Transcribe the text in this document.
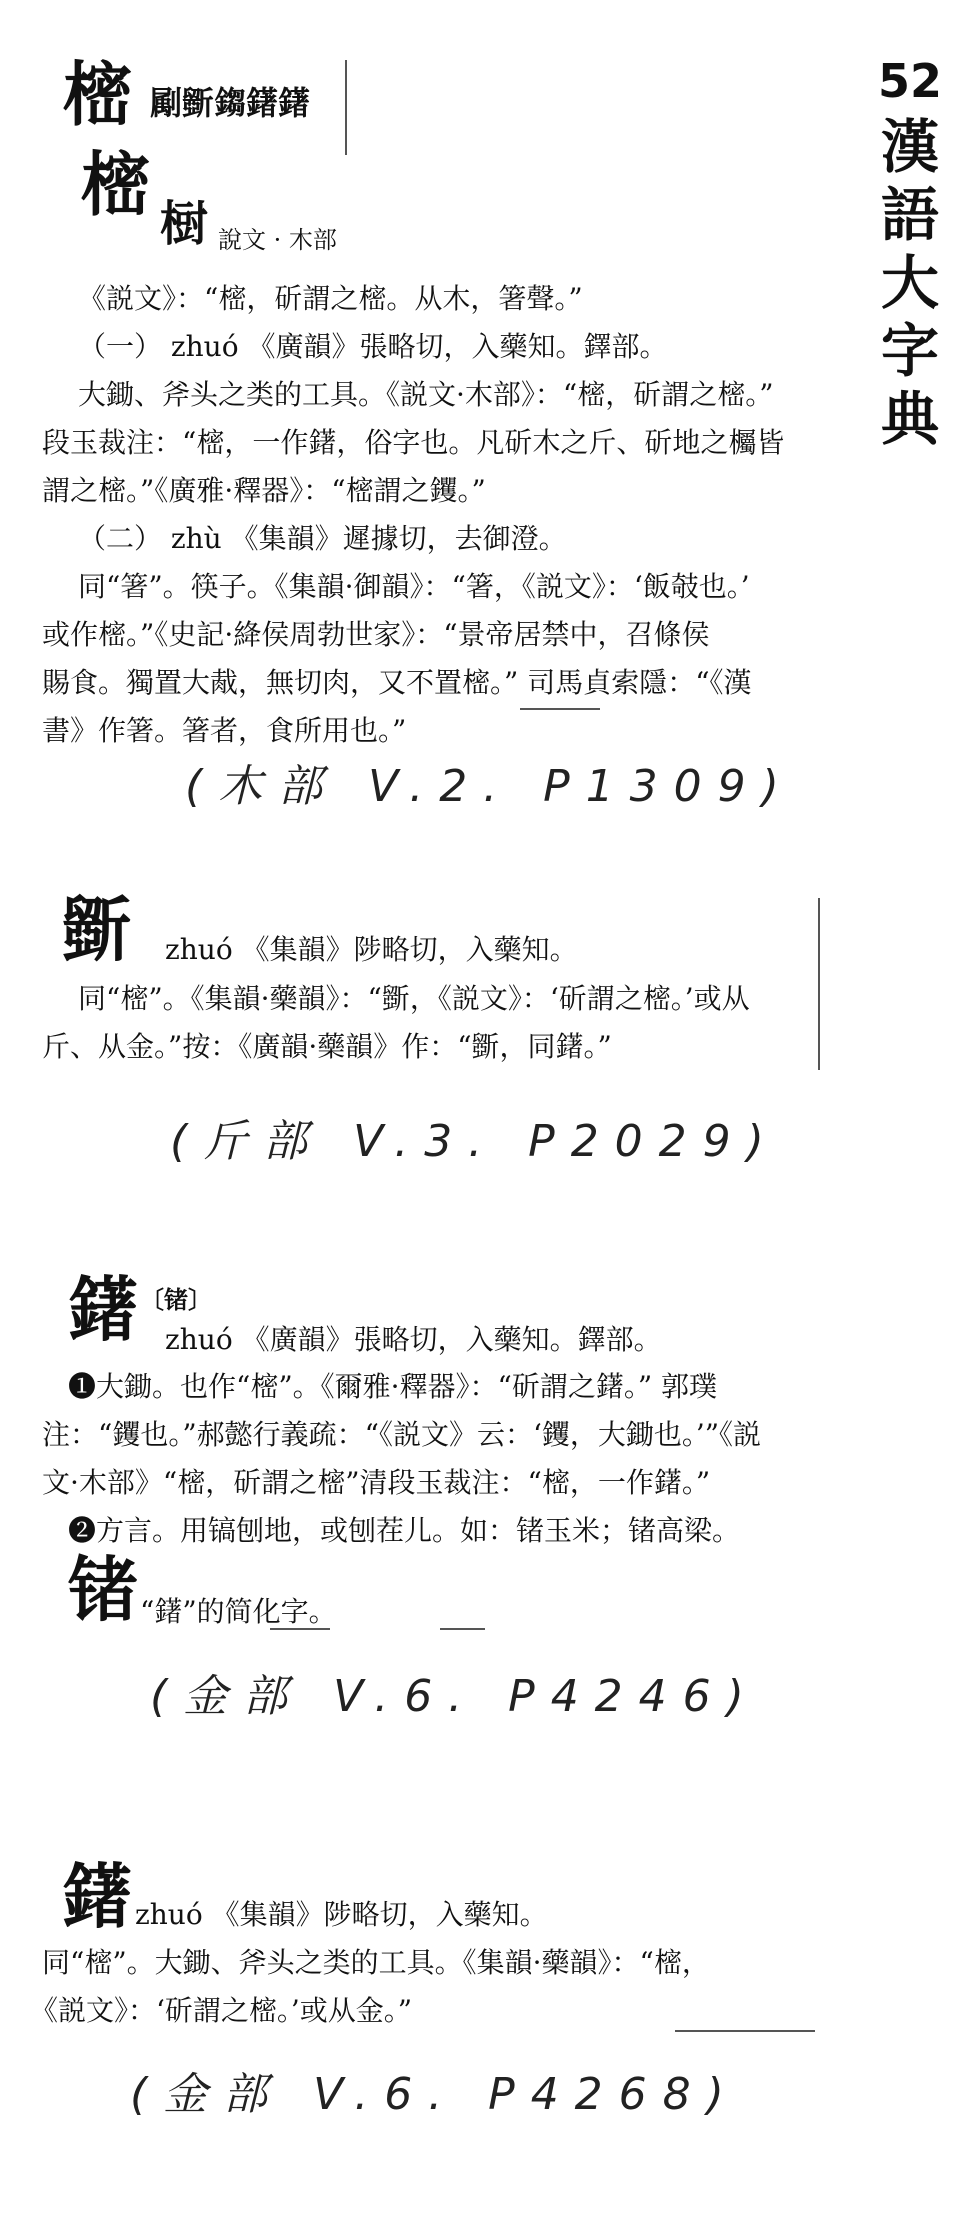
52
漢
語
大
字
典
樒 㔉斵𨪕鐯鐯
樒 𣗳 說文 · 木部
《説文》：“樒，斫謂之樒。从木，箸聲。”
（一） zhuó 《廣韻》張略切，入藥知。鐸部。
大鋤、斧头之类的工具。《説文·木部》：“樒，斫謂之樒。”
段玉裁注：“樒，一作鐯，俗字也。凡斫木之斤、斫地之欘皆
謂之樒。”《廣雅·釋器》：“樒謂之钁。”
（二） zhù 《集韻》遲據切，去御澄。
同“箸”。筷子。《集韻·御韻》：“箸，《説文》：‘飯攲也。’
或作樒。”《史記·絳侯周勃世家》：“景帝居禁中，召條侯
賜食。獨置大胾，無切肉，又不置樒。” 司馬貞索隱：“《漢
書》作箸。箸者，食所用也。”
(木部 V.2. P1309)
斵 zhuó 《集韻》陟略切，入藥知。
同“樒”。《集韻·藥韻》：“斵，《説文》：‘斫謂之樒。’或从
斤、从金。”按：《廣韻·藥韻》作：“斵，同鐯。”
(斤部 V.3. P2029)
鐯 〔锗〕
zhuó 《廣韻》張略切，入藥知。鐸部。
❶大鋤。也作“樒”。《爾雅·釋器》：“斫謂之鐯。” 郭璞
注：“钁也。”郝懿行義疏：“《説文》云：‘钁，大鋤也。’”《説
文·木部》“樒，斫謂之樒”清段玉裁注：“樒，一作鐯。”
❷方言。用镐刨地，或刨茬儿。如：锗玉米；锗高梁。
锗 “鐯”的简化字。
(金部 V.6. P4246)
鐯 zhuó 《集韻》陟略切，入藥知。
同“樒”。大鋤、斧头之类的工具。《集韻·藥韻》：“樒，
《説文》：‘斫謂之樒。’或从金。”
(金部 V.6. P4268)
